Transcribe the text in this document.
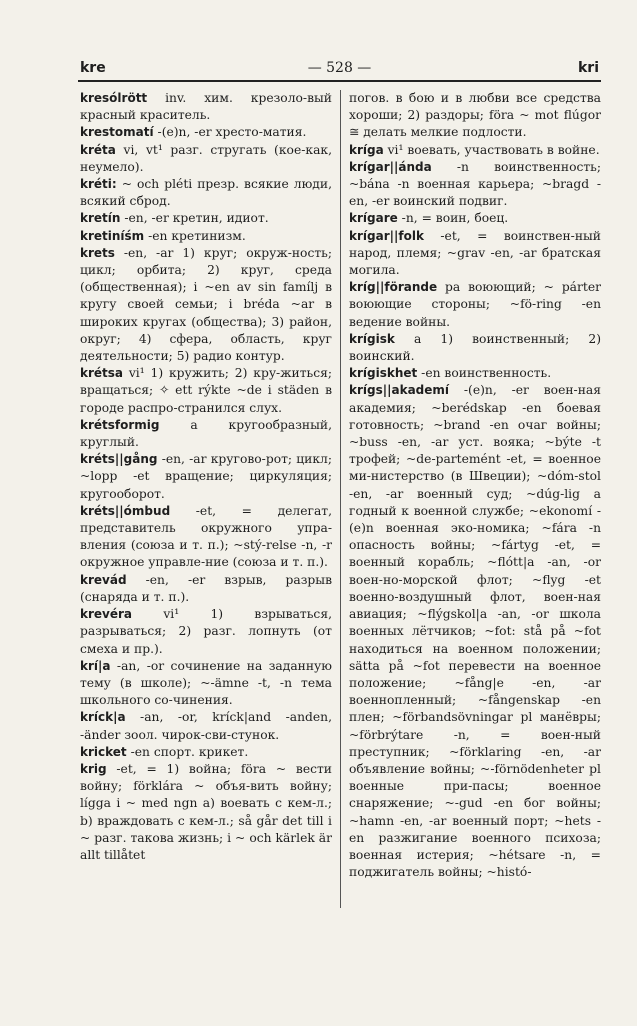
kre	— 528 —	kri

kresólrött inv. хим. крезоло-вый красный краситель.

krestomatí -(e)n, -er хресто-матия.

kréta vi, vt¹ разг. стругать (кое-как, неумело).

kréti: ~ och pléti презр. всякие люди, всякий сброд.

kretín -en, -er кретин, идиот.

kretiníśm -en кретинизм.

krets -en, -ar 1) круг; окруж-ность; цикл; орбита; 2) круг, среда (общественная); i ~en av sin famílj в кругу своей семьи; i bréda ~ar в широких кругах (общества); 3) район, округ; 4) сфера, область, круг деятельности; 5) радио контур.

krétsa vi¹ 1) кружить; 2) кру-житься; вращаться; ✧ ett rýkte ~de i städen в городе распро-странился слух.

krétsformig a кругообразный, круглый.

kréts||gång -en, -ar кругово-рот; цикл; ~lopp -et вращение; циркуляция; кругооборот.

kréts||ómbud -et, = делегат, представитель окружного упра-вления (союза и т. п.); ~stý-relse -n, -r окружное управле-ние (союза и т. п.).

krevád -en, -er взрыв, разрыв (снаряда и т. п.).

krevéra vi¹ 1) взрываться, разрываться; 2) разг. лопнуть (от смеха и пр.).

krí|a -an, -or сочинение на заданную тему (в школе); ~-ämne -t, -n тема школьного со-чинения.

kríck|a -an, -or, kríck|and -anden, -änder зоол. чирок-сви-стунок.

kricket -en спорт. крикет.

krig -et, = 1) война; föra ~ вести войну; förklára ~ объя-вить войну; lígga i ~ med ngn a) воевать с кем-л.; b) враждовать с кем-л.; så går det till i ~ разг. такова жизнь; i ~ och kärlek är allt tillåtet

погов. в бою и в любви все средства хороши; 2) раздоры; föra ~ mot flúgor ≅ делать мелкие подлости.

kríga vi¹ воевать, участвовать в войне.

krígar||ánda -n воинственность; ~bána -n военная карьера; ~bragd -en, -er воинский подвиг.

krígare -n, = воин, боец.

krígar||folk -et, = воинствен-ный народ, племя; ~grav -en, -ar братская могила.

kríg||förande pa воюющий; ~ párter воюющие стороны; ~fö-ring -en ведение войны.

krígisk a 1) воинственный; 2) воинский.

krígiskhet -en воинственность.

krígs||akademí -(e)n, -er воен-ная академия; ~berédskap -en боевая готовность; ~brand -en очаг войны; ~buss -en, -ar уст. вояка; ~býte -t трофей; ~de-partemént -et, = военное ми-нистерство (в Швеции); ~dóm-stol -en, -ar военный суд; ~dúg-lig a годный к военной службе; ~ekonomí -(e)n военная эко-номика; ~fára -n опасность войны; ~fártyg -et, = военный корабль; ~flótt|a -an, -or воен-но-морской флот; ~flyg -et военно-воздушный флот, воен-ная авиация; ~flýgskol|a -an, -or школа военных лётчиков; ~fot: stå på ~fot находиться на военном положении; sätta på ~fot перевести на военное положение; ~fång|e -en, -ar военнопленный; ~fångenskap -en плен; ~förbandsövningar pl манёвры; ~förbrýtare -n, = воен-ный преступник; ~förklaring -en, -ar объявление войны; ~-förnödenheter pl военные при-пасы; военное снаряжение; ~-gud -en бог войны; ~hamn -en, -ar военный порт; ~hets -en разжигание военного психоза; военная истерия; ~hétsare -n, = поджигатель войны; ~histó-
